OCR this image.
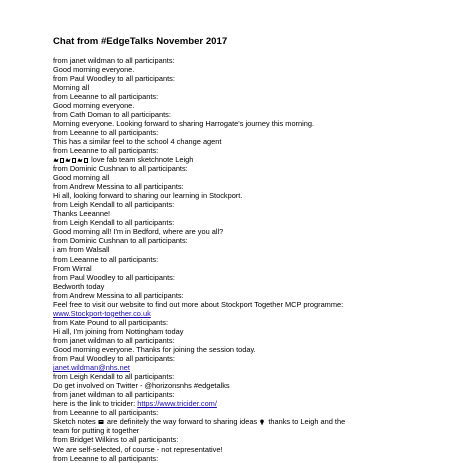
Chat from #EdgeTalks November 2017
from janet wildman to all participants:
Good morning everyone.
from Paul Woodley to all participants:
Morning all
from Leeanne to all participants:
Good morning everyone.
from Cath Doman to all participants:
Morning everyone. Looking forward to sharing Harrogate's journey this morning.
from Leeanne to all participants:
This has a similar feel to the school 4 change agent
from Leeanne to all participants:
love fab team sketchnote Leigh
from Dominic Cushnan to all participants:
Good morning all
from Andrew Messina to all participants:
Hi all, looking forward to sharing our learning in Stockport.
from Leigh Kendall to all participants:
Thanks Leeanne!
from Leigh Kendall to all participants:
Good morning all! I'm in Bedford, where are you all?
from Dominic Cushnan to all participants:
i am from Walsall
from Leeanne to all participants:
From Wirral
from Paul Woodley to all participants:
Bedworth today
from Andrew Messina to all participants:
Feel free to visit our website to find out more about Stockport Together MCP programme:
www.Stockport-together.co.uk
from Kate Pound to all participants:
Hi all, I'm joining from Nottingham today
from janet wildman to all participants:
Good morning everyone. Thanks for joining the session today.
from Paul Woodley to all participants:
janet.wildman@nhs.net
from Leigh Kendall to all participants:
Do get involved on Twitter - @horizonsnhs #edgetalks
from janet wildman to all participants:
here is the link to tricider: https://www.tricider.com/
from Leeanne to all participants:
Sketch notes  are definitely the way forward to sharing ideas  thanks to Leigh and the
team for putting it together
from Bridget Wilkins to all participants:
We are self-selected, of course - not representative!
from Leeanne to all participants:
